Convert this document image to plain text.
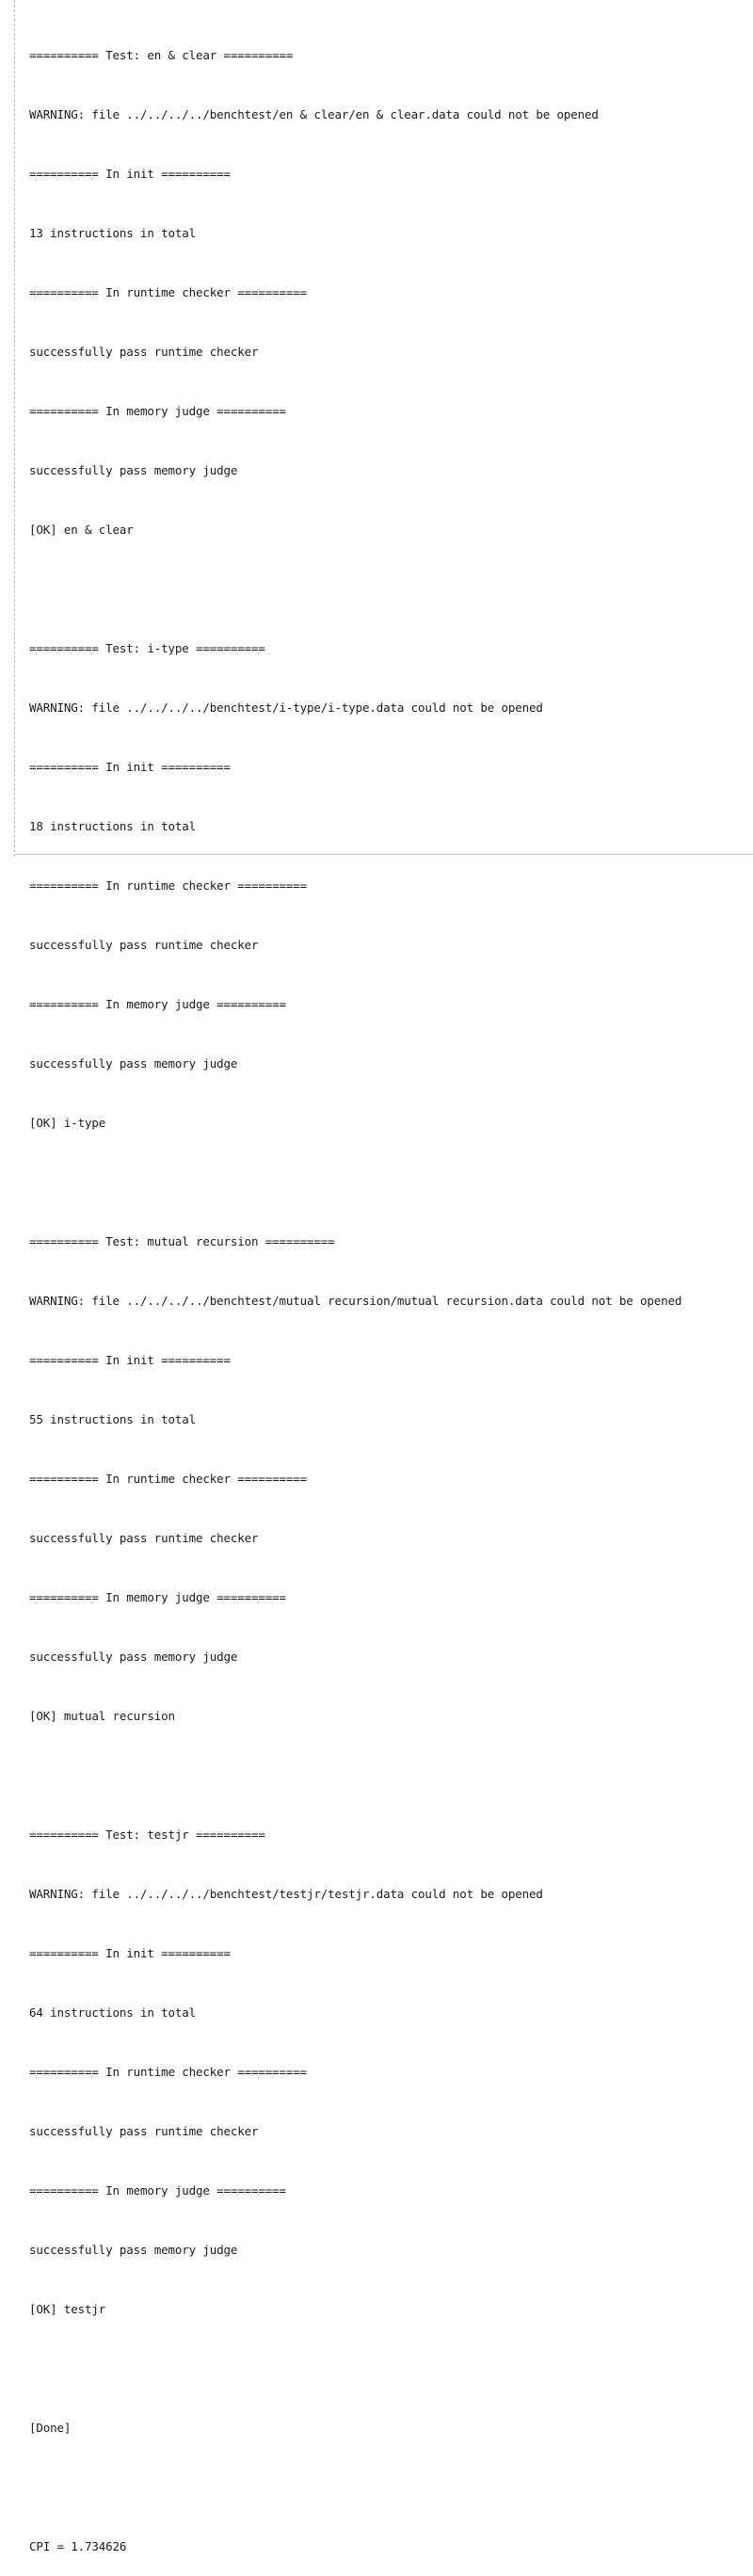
========== Test: en & clear ==========

WARNING: file ../../../../benchtest/en & clear/en & clear.data could not be opened

========== In init ==========

13 instructions in total

========== In runtime checker ==========

successfully pass runtime checker

========== In memory judge ==========

successfully pass memory judge

[OK] en & clear

========== Test: i-type ==========

WARNING: file ../../../../benchtest/i-type/i-type.data could not be opened

========== In init ==========

18 instructions in total

========== In runtime checker ==========

successfully pass runtime checker

========== In memory judge ==========

successfully pass memory judge

[OK] i-type

========== Test: mutual recursion ==========

WARNING: file ../../../../benchtest/mutual recursion/mutual recursion.data could not be opened

========== In init ==========

55 instructions in total

========== In runtime checker ==========

successfully pass runtime checker

========== In memory judge ==========

successfully pass memory judge

[OK] mutual recursion

========== Test: testjr ==========

WARNING: file ../../../../benchtest/testjr/testjr.data could not be opened

========== In init ==========

64 instructions in total

========== In runtime checker ==========

successfully pass runtime checker

========== In memory judge ==========

successfully pass memory judge

[OK] testjr

[Done]

CPI = 1.734626
